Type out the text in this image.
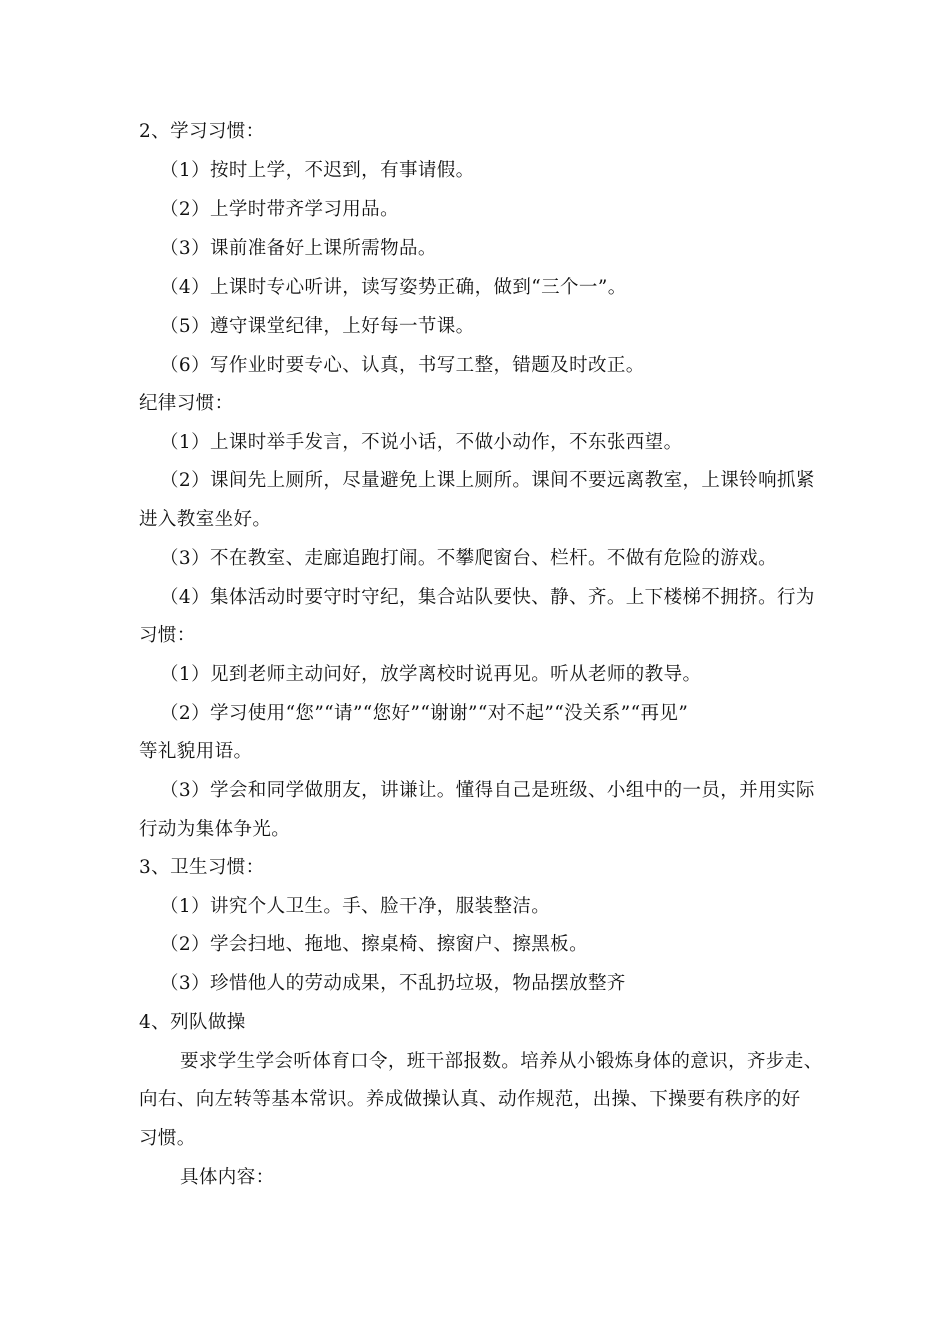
2、学习习惯：
（1）按时上学，不迟到，有事请假。
（2）上学时带齐学习用品。
（3）课前准备好上课所需物品。
（4）上课时专心听讲，读写姿势正确，做到“三个一”。
（5）遵守课堂纪律，上好每一节课。
（6）写作业时要专心、认真，书写工整，错题及时改正。
纪律习惯：
（1）上课时举手发言，不说小话，不做小动作，不东张西望。
（2）课间先上厕所，尽量避免上课上厕所。课间不要远离教室，上课铃响抓紧
进入教室坐好。
（3）不在教室、走廊追跑打闹。不攀爬窗台、栏杆。不做有危险的游戏。
（4）集体活动时要守时守纪，集合站队要快、静、齐。上下楼梯不拥挤。行为
习惯：
（1）见到老师主动问好，放学离校时说再见。听从老师的教导。
（2）学习使用“您”“请”“您好”“谢谢”“对不起”“没关系”“再见”
等礼貌用语。
（3）学会和同学做朋友，讲谦让。懂得自己是班级、小组中的一员，并用实际
行动为集体争光。
3、卫生习惯：
（1）讲究个人卫生。手、脸干净，服装整洁。
（2）学会扫地、拖地、擦桌椅、擦窗户、擦黑板。
（3）珍惜他人的劳动成果，不乱扔垃圾，物品摆放整齐
4、列队做操
要求学生学会听体育口令，班干部报数。培养从小锻炼身体的意识，齐步走、
向右、向左转等基本常识。养成做操认真、动作规范，出操、下操要有秩序的好
习惯。
具体内容：
